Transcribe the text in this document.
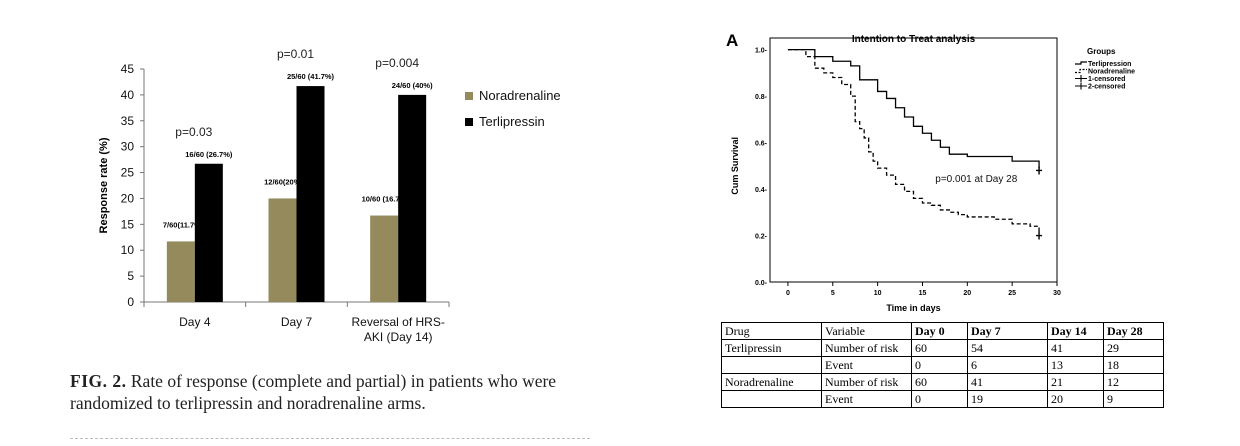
0
5
10
15
20
25
30
35
40
45
Response rate (%)	7/60(11.7%
16/60 (26.7%)
p=0.03
Day 4
12/60(20%)
25/60 (41.7%)
p=0.01
Day 7
10/60 (16.7%)
24/60 (40%)
p=0.004
Reversal of HRS-
AKI (Day 14)
Noradrenaline
Terlipressin
FIG. 2. Rate of response (complete and partial) in patients who were randomized to terlipressin and noradrenaline arms.
A	Intention to Treat analysis
0.0-
0.2-
0.4-
0.6-
0.8-
1.0-
0	5	10	15	20	25	30
Time in days
Cum Survival	p=0.001 at Day 28
Groups
Terlipression
Noradrenaline
1-censored
2-censored
Drug	Variable	Day 0	Day 7	Day 14	Day 28
Terlipressin	Number of risk	60	54	41	29
	Event	0	6	13	18
Noradrenaline	Number of risk	60	41	21	12
	Event	0	19	20	9
